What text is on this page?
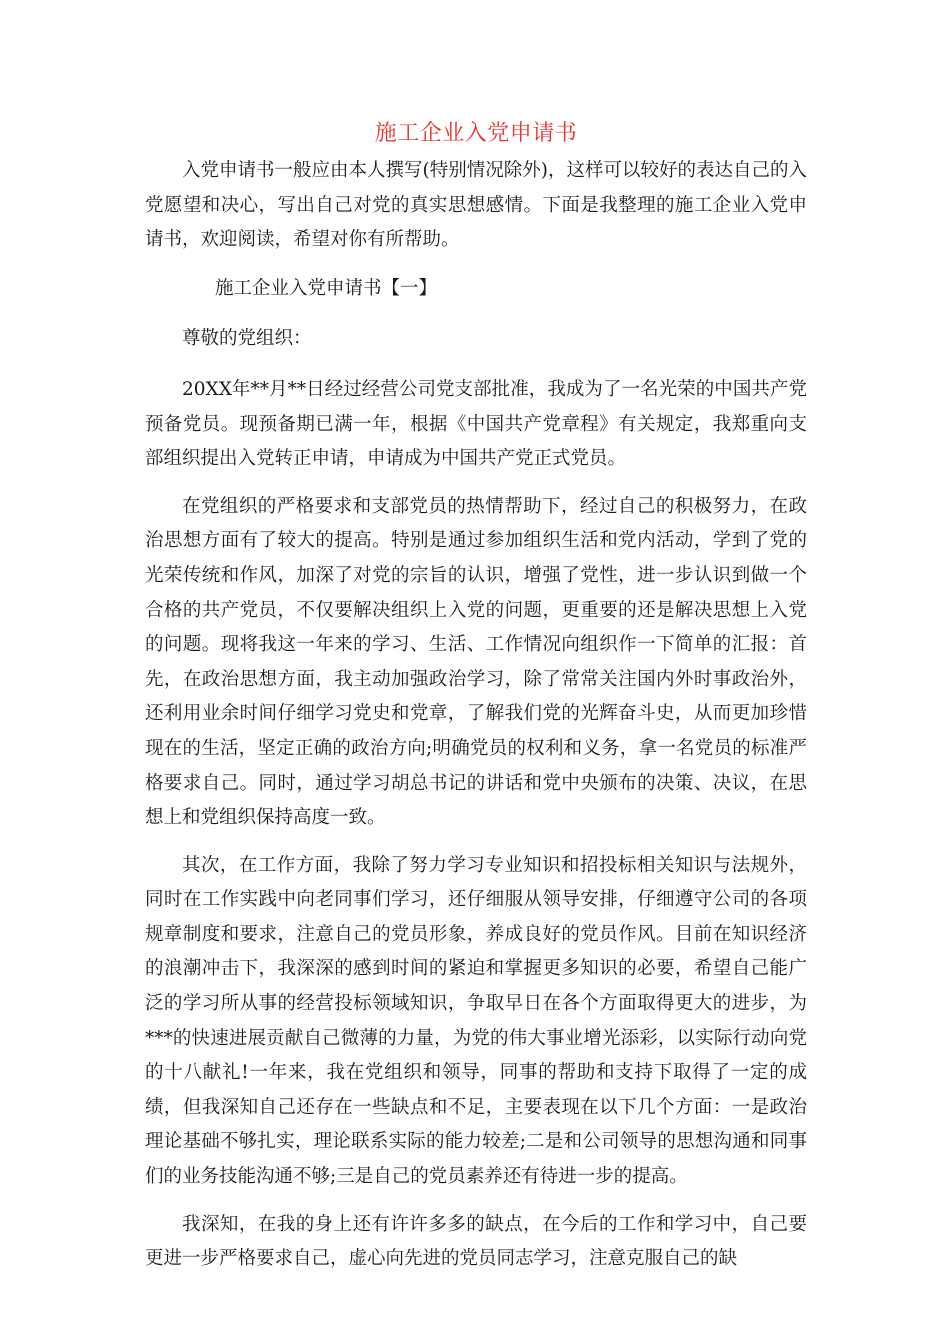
施工企业入党申请书

入党申请书一般应由本人撰写(特别情况除外)，这样可以较好的表达自己的入党愿望和决心，写出自己对党的真实思想感情。下面是我整理的施工企业入党申请书，欢迎阅读，希望对你有所帮助。

施工企业入党申请书【一】

尊敬的党组织：

20XX年**月**日经过经营公司党支部批准，我成为了一名光荣的中国共产党预备党员。现预备期已满一年，根据《中国共产党章程》有关规定，我郑重向支部组织提出入党转正申请，申请成为中国共产党正式党员。

在党组织的严格要求和支部党员的热情帮助下，经过自己的积极努力，在政治思想方面有了较大的提高。特别是通过参加组织生活和党内活动，学到了党的光荣传统和作风，加深了对党的宗旨的认识，增强了党性，进一步认识到做一个合格的共产党员，不仅要解决组织上入党的问题，更重要的还是解决思想上入党的问题。现将我这一年来的学习、生活、工作情况向组织作一下简单的汇报：首先，在政治思想方面，我主动加强政治学习，除了常常关注国内外时事政治外，还利用业余时间仔细学习党史和党章，了解我们党的光辉奋斗史，从而更加珍惜现在的生活，坚定正确的政治方向;明确党员的权利和义务，拿一名党员的标准严格要求自己。同时，通过学习胡总书记的讲话和党中央颁布的决策、决议，在思想上和党组织保持高度一致。

其次，在工作方面，我除了努力学习专业知识和招投标相关知识与法规外，同时在工作实践中向老同事们学习，还仔细服从领导安排，仔细遵守公司的各项规章制度和要求，注意自己的党员形象，养成良好的党员作风。目前在知识经济的浪潮冲击下，我深深的感到时间的紧迫和掌握更多知识的必要，希望自己能广泛的学习所从事的经营投标领域知识，争取早日在各个方面取得更大的进步，为***的快速进展贡献自己微薄的力量，为党的伟大事业增光添彩，以实际行动向党的十八献礼!一年来，我在党组织和领导，同事的帮助和支持下取得了一定的成绩，但我深知自己还存在一些缺点和不足，主要表现在以下几个方面：一是政治理论基础不够扎实，理论联系实际的能力较差;二是和公司领导的思想沟通和同事们的业务技能沟通不够;三是自己的党员素养还有待进一步的提高。

我深知，在我的身上还有许许多多的缺点，在今后的工作和学习中，自己要更进一步严格要求自己，虚心向先进的党员同志学习，注意克服自己的缺
